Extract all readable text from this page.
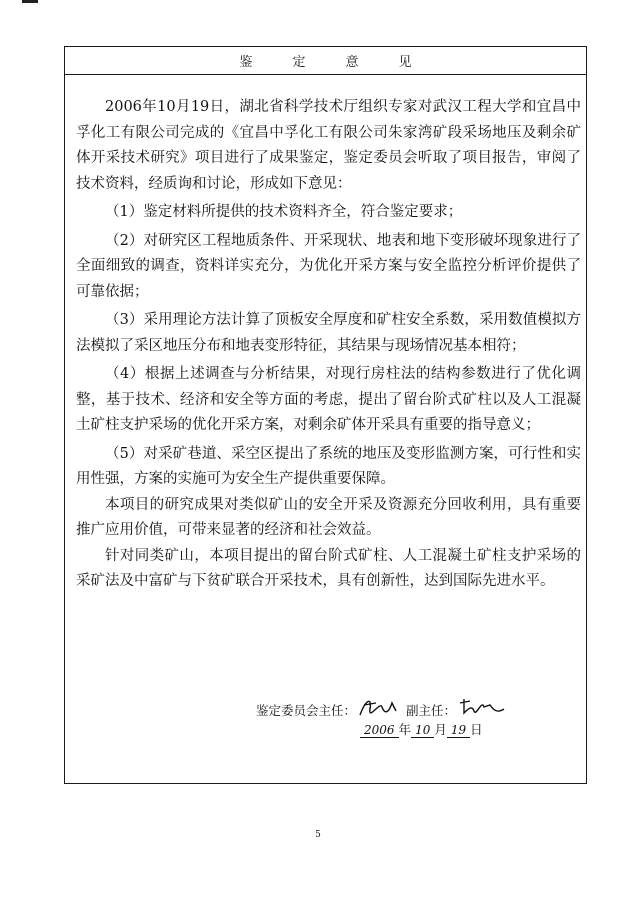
鉴定意见

2006年10月19日，湖北省科学技术厅组织专家对武汉工程大学和宜昌中孚化工有限公司完成的《宜昌中孚化工有限公司朱家湾矿段采场地压及剩余矿体开采技术研究》项目进行了成果鉴定，鉴定委员会听取了项目报告，审阅了技术资料，经质询和讨论，形成如下意见：

（1）鉴定材料所提供的技术资料齐全，符合鉴定要求；

（2）对研究区工程地质条件、开采现状、地表和地下变形破坏现象进行了全面细致的调查，资料详实充分，为优化开采方案与安全监控分析评价提供了可靠依据；

（3）采用理论方法计算了顶板安全厚度和矿柱安全系数，采用数值模拟方法模拟了采区地压分布和地表变形特征，其结果与现场情况基本相符；

（4）根据上述调查与分析结果，对现行房柱法的结构参数进行了优化调整，基于技术、经济和安全等方面的考虑，提出了留台阶式矿柱以及人工混凝土矿柱支护采场的优化开采方案，对剩余矿体开采具有重要的指导意义；

（5）对采矿巷道、采空区提出了系统的地压及变形监测方案，可行性和实用性强，方案的实施可为安全生产提供重要保障。

本项目的研究成果对类似矿山的安全开采及资源充分回收利用，具有重要推广应用价值，可带来显著的经济和社会效益。

针对同类矿山，本项目提出的留台阶式矿柱、人工混凝土矿柱支护采场的采矿法及中富矿与下贫矿联合开采技术，具有创新性，达到国际先进水平。

鉴定委员会主任：	副主任：
2006 年 10 月 19 日
5
